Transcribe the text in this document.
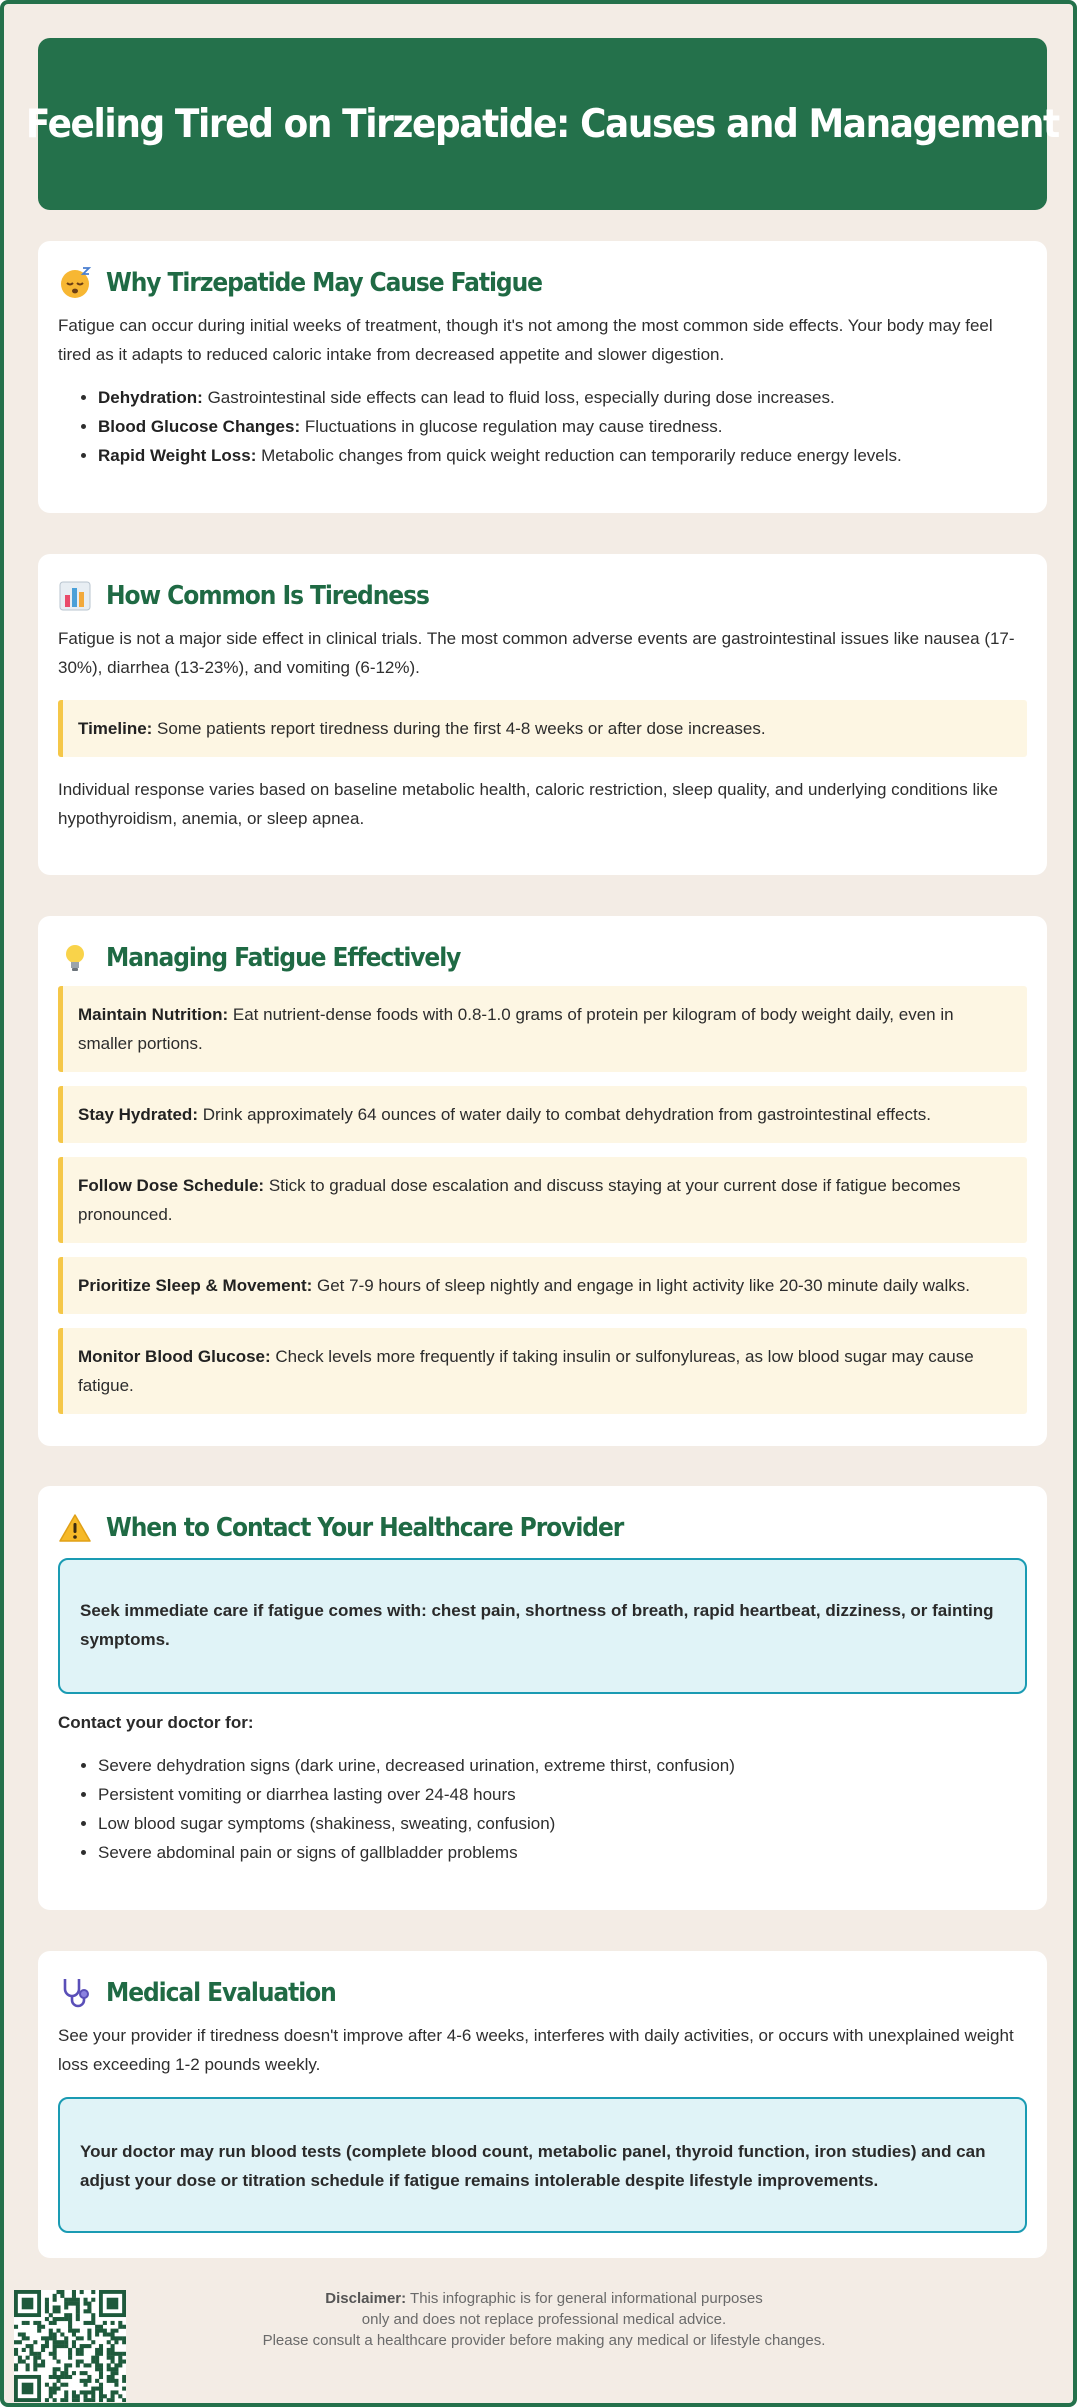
Feeling Tired on Tirzepatide: Causes and Management
Why Tirzepatide May Cause Fatigue

Fatigue can occur during initial weeks of treatment, though it's not among the most common side effects. Your body may feel tired as it adapts to reduced caloric intake from decreased appetite and slower digestion.

• Dehydration: Gastrointestinal side effects can lead to fluid loss, especially during dose increases.
• Blood Glucose Changes: Fluctuations in glucose regulation may cause tiredness.
• Rapid Weight Loss: Metabolic changes from quick weight reduction can temporarily reduce energy levels.
How Common Is Tiredness

Fatigue is not a major side effect in clinical trials. The most common adverse events are gastrointestinal issues like nausea (17-30%), diarrhea (13-23%), and vomiting (6-12%).

Timeline: Some patients report tiredness during the first 4-8 weeks or after dose increases.

Individual response varies based on baseline metabolic health, caloric restriction, sleep quality, and underlying conditions like hypothyroidism, anemia, or sleep apnea.

Managing Fatigue Effectively
Maintain Nutrition: Eat nutrient-dense foods with 0.8-1.0 grams of protein per kilogram of body weight daily, even in smaller portions.
Stay Hydrated: Drink approximately 64 ounces of water daily to combat dehydration from gastrointestinal effects.
Follow Dose Schedule: Stick to gradual dose escalation and discuss staying at your current dose if fatigue becomes pronounced.
Prioritize Sleep & Movement: Get 7-9 hours of sleep nightly and engage in light activity like 20-30 minute daily walks.
Monitor Blood Glucose: Check levels more frequently if taking insulin or sulfonylureas, as low blood sugar may cause fatigue.
When to Contact Your Healthcare Provider
Seek immediate care if fatigue comes with: chest pain, shortness of breath, rapid heartbeat, dizziness, or fainting symptoms.

Contact your doctor for:

• Severe dehydration signs (dark urine, decreased urination, extreme thirst, confusion)
• Persistent vomiting or diarrhea lasting over 24-48 hours
• Low blood sugar symptoms (shakiness, sweating, confusion)
• Severe abdominal pain or signs of gallbladder problems
Medical Evaluation

See your provider if tiredness doesn't improve after 4-6 weeks, interferes with daily activities, or occurs with unexplained weight loss exceeding 1-2 pounds weekly.

Your doctor may run blood tests (complete blood count, metabolic panel, thyroid function, iron studies) and can adjust your dose or titration schedule if fatigue remains intolerable despite lifestyle improvements.
Disclaimer: This infographic is for general informational purposes
only and does not replace professional medical advice.
Please consult a healthcare provider before making any medical or lifestyle changes.
